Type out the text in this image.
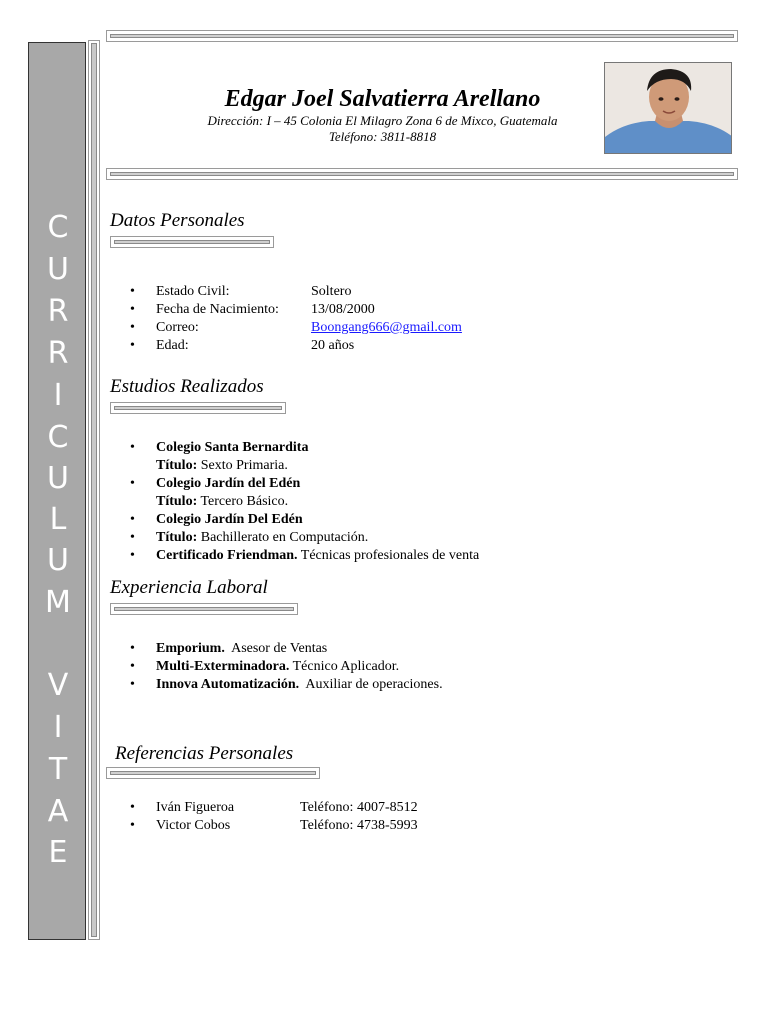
C
U
R
R
I
C
U
L
U
M
V
I
T
A
E
Edgar Joel Salvatierra Arellano
Dirección: I – 45 Colonia El Milagro Zona 6 de Mixco, Guatemala
Teléfono: 3811-8818
Datos Personales
• Estado Civil:	Soltero
• Fecha de Nacimiento: 13/08/2000
• Correo:	Boongang666@gmail.com
• Edad:	20 años
Estudios Realizados
• Colegio Santa Bernardita
Título: Sexto Primaria.
• Colegio Jardín del Edén
Título: Tercero Básico.
• Colegio Jardín Del Edén
• Título: Bachillerato en Computación.
• Certificado Friendman. Técnicas profesionales de venta
Experiencia Laboral
• Emporium. Asesor de Ventas
• Multi-Exterminadora. Técnico Aplicador.
• Innova Automatización. Auxiliar de operaciones.
Referencias Personales
• Iván Figueroa	Teléfono: 4007-8512
• Victor Cobos	Teléfono: 4738-5993
